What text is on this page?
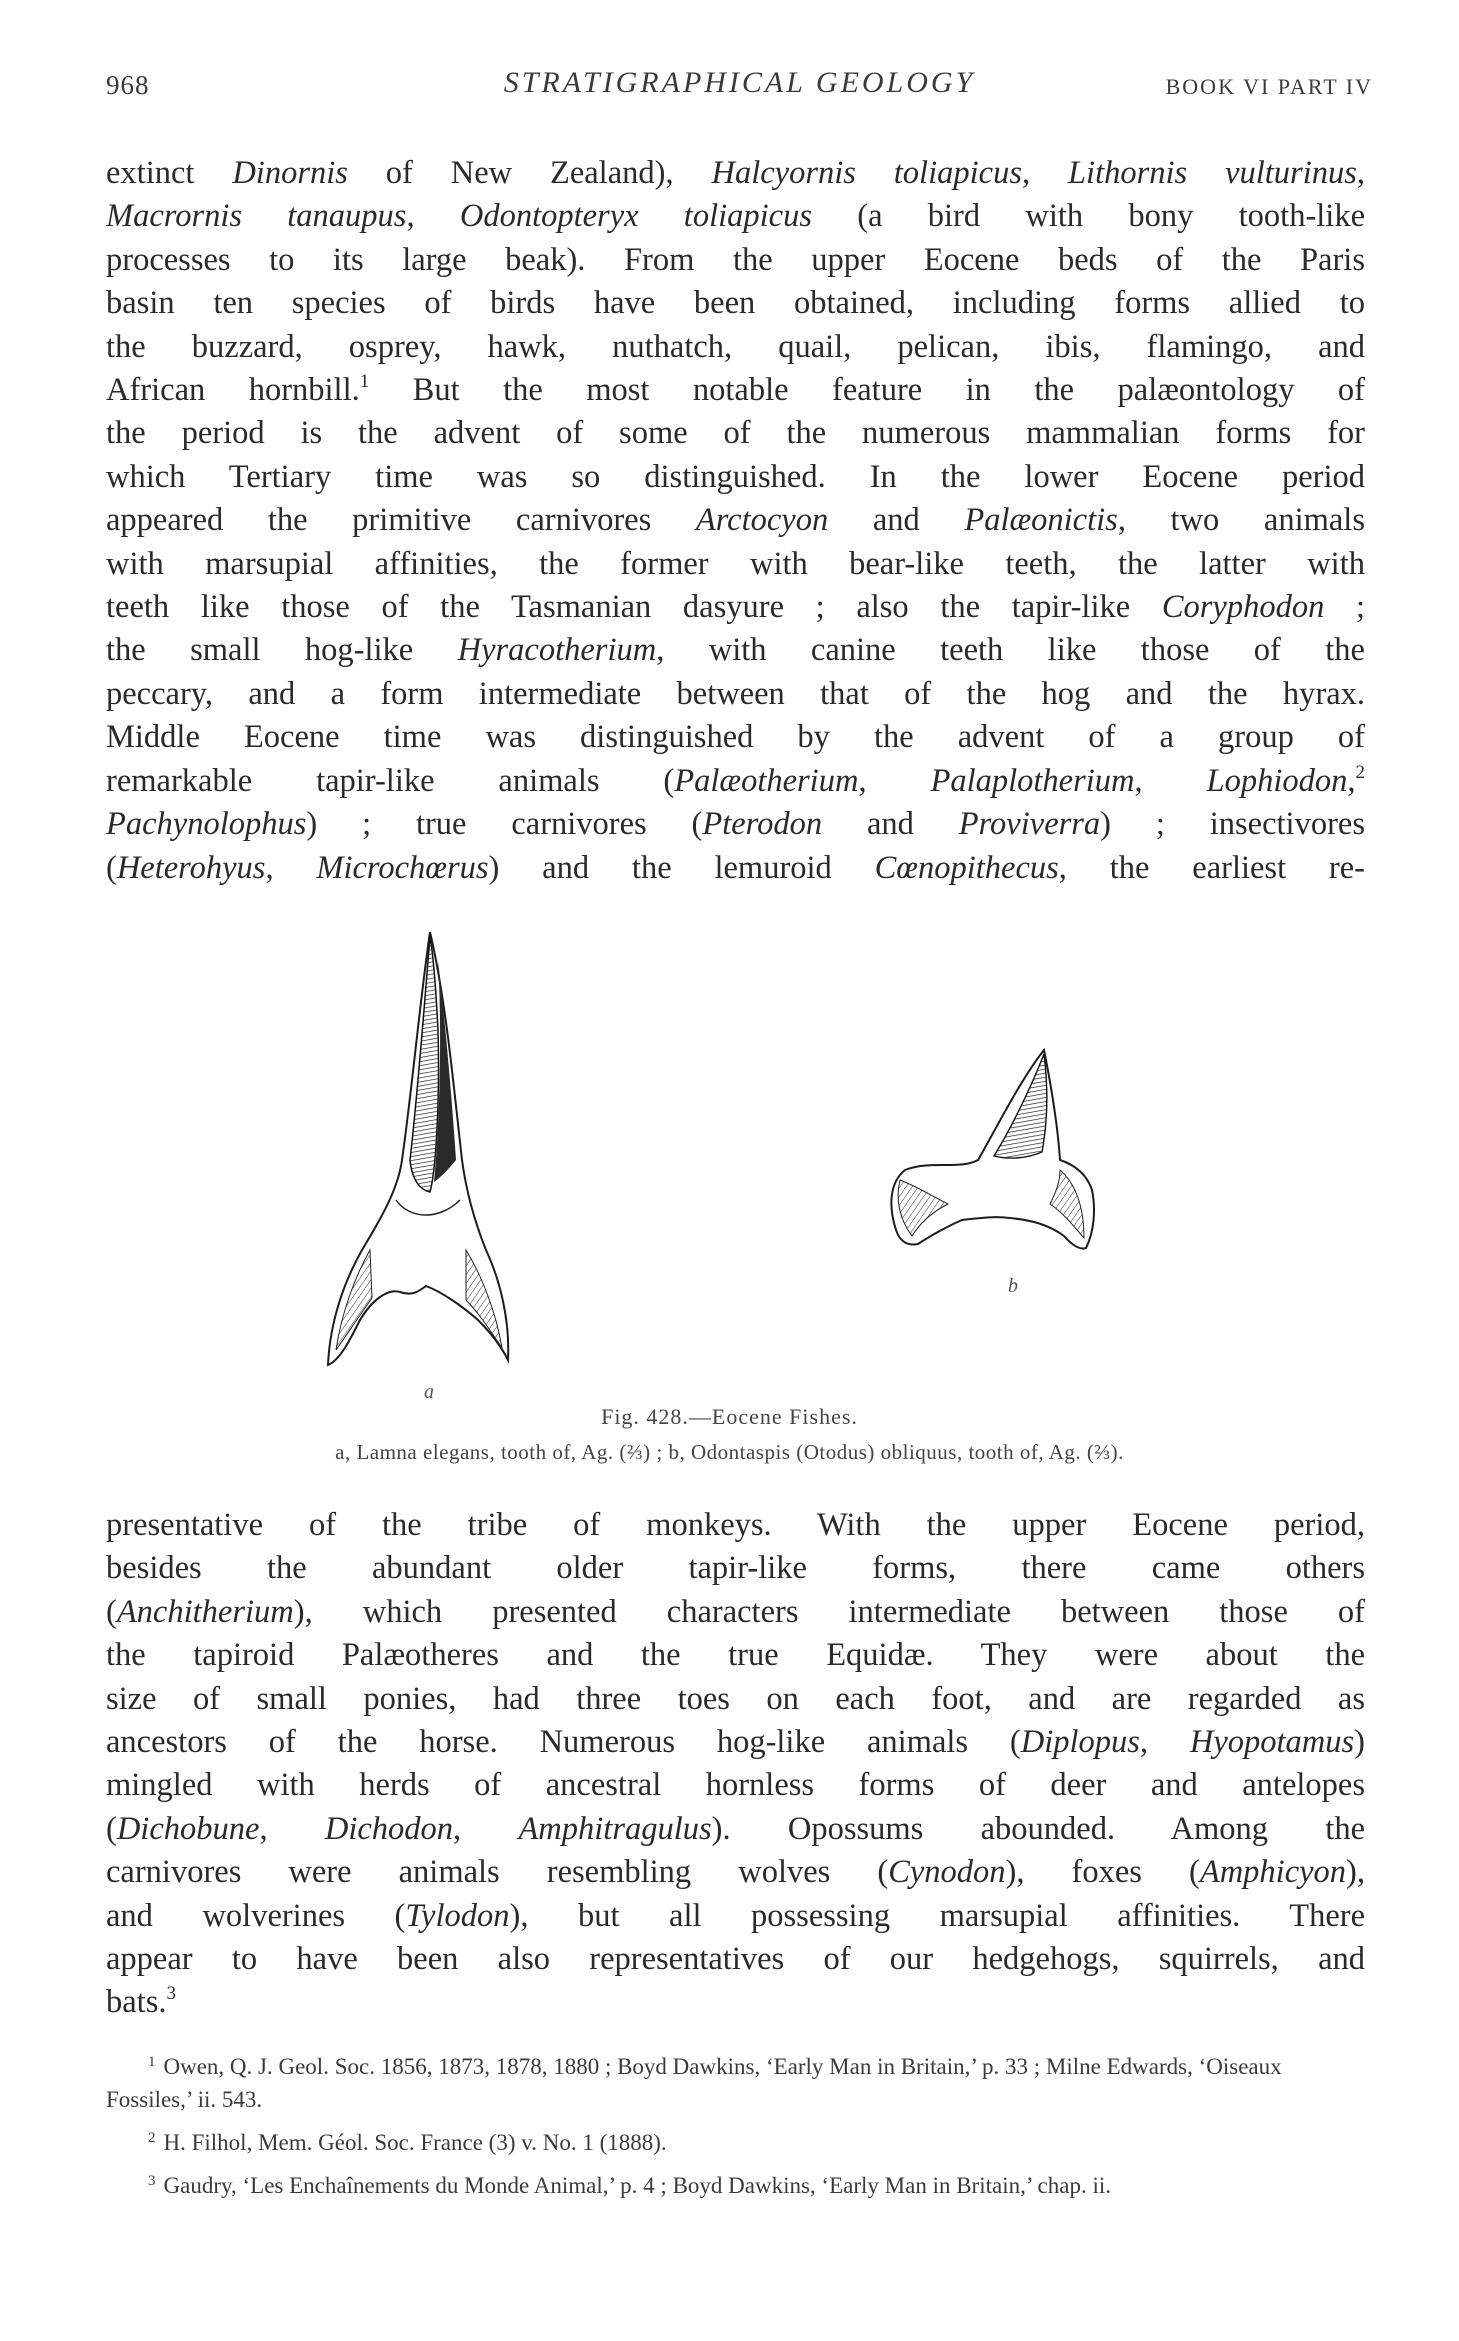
968	STRATIGRAPHICAL GEOLOGY	BOOK VI PART IV
extinct Dinornis of New Zealand), Halcyornis toliapicus, Lithornis vulturinus,
Macrornis tanaupus, Odontopteryx toliapicus (a bird with bony tooth-like
processes to its large beak). From the upper Eocene beds of the Paris
basin ten species of birds have been obtained, including forms allied to
the buzzard, osprey, hawk, nuthatch, quail, pelican, ibis, flamingo, and
African hornbill.$^1$ But the most notable feature in the palæontology of
the period is the advent of some of the numerous mammalian forms for
which Tertiary time was so distinguished. In the lower Eocene period
appeared the primitive carnivores Arctocyon and Palæonictis, two animals
with marsupial affinities, the former with bear-like teeth, the latter with
teeth like those of the Tasmanian dasyure ; also the tapir-like Coryphodon ;
the small hog-like Hyracotherium, with canine teeth like those of the
peccary, and a form intermediate between that of the hog and the hyrax.
Middle Eocene time was distinguished by the advent of a group of
remarkable tapir-like animals (Palæotherium, Palaplotherium, Lophiodon,$^2$
Pachynolophus) ; true carnivores (Pterodon and Proviverra) ; insectivores
(Heterohyus, Microchœrus) and the lemuroid Cœnopithecus, the earliest re-
a
b
Fig. 428.—Eocene Fishes.
a, Lamna elegans, tooth of, Ag. (⅔) ; b, Odontaspis (Otodus) obliquus, tooth of, Ag. (⅔).
presentative of the tribe of monkeys. With the upper Eocene period,
besides the abundant older tapir-like forms, there came others
(Anchitherium), which presented characters intermediate between those of
the tapiroid Palæotheres and the true Equidæ. They were about the
size of small ponies, had three toes on each foot, and are regarded as
ancestors of the horse. Numerous hog-like animals (Diplopus, Hyopotamus)
mingled with herds of ancestral hornless forms of deer and antelopes
(Dichobune, Dichodon, Amphitragulus). Opossums abounded. Among the
carnivores were animals resembling wolves (Cynodon), foxes (Amphicyon),
and wolverines (Tylodon), but all possessing marsupial affinities. There
appear to have been also representatives of our hedgehogs, squirrels, and
bats.$^3$
$^1$ Owen, Q. J. Geol. Soc. 1856, 1873, 1878, 1880 ; Boyd Dawkins, ‘Early Man in Britain,’ p. 33 ; Milne Edwards, ‘Oiseaux Fossiles,’ ii. 543.
$^2$ H. Filhol, Mem. Géol. Soc. France (3) v. No. 1 (1888).
$^3$ Gaudry, ‘Les Enchaînements du Monde Animal,’ p. 4 ; Boyd Dawkins, ‘Early Man in Britain,’ chap. ii.
